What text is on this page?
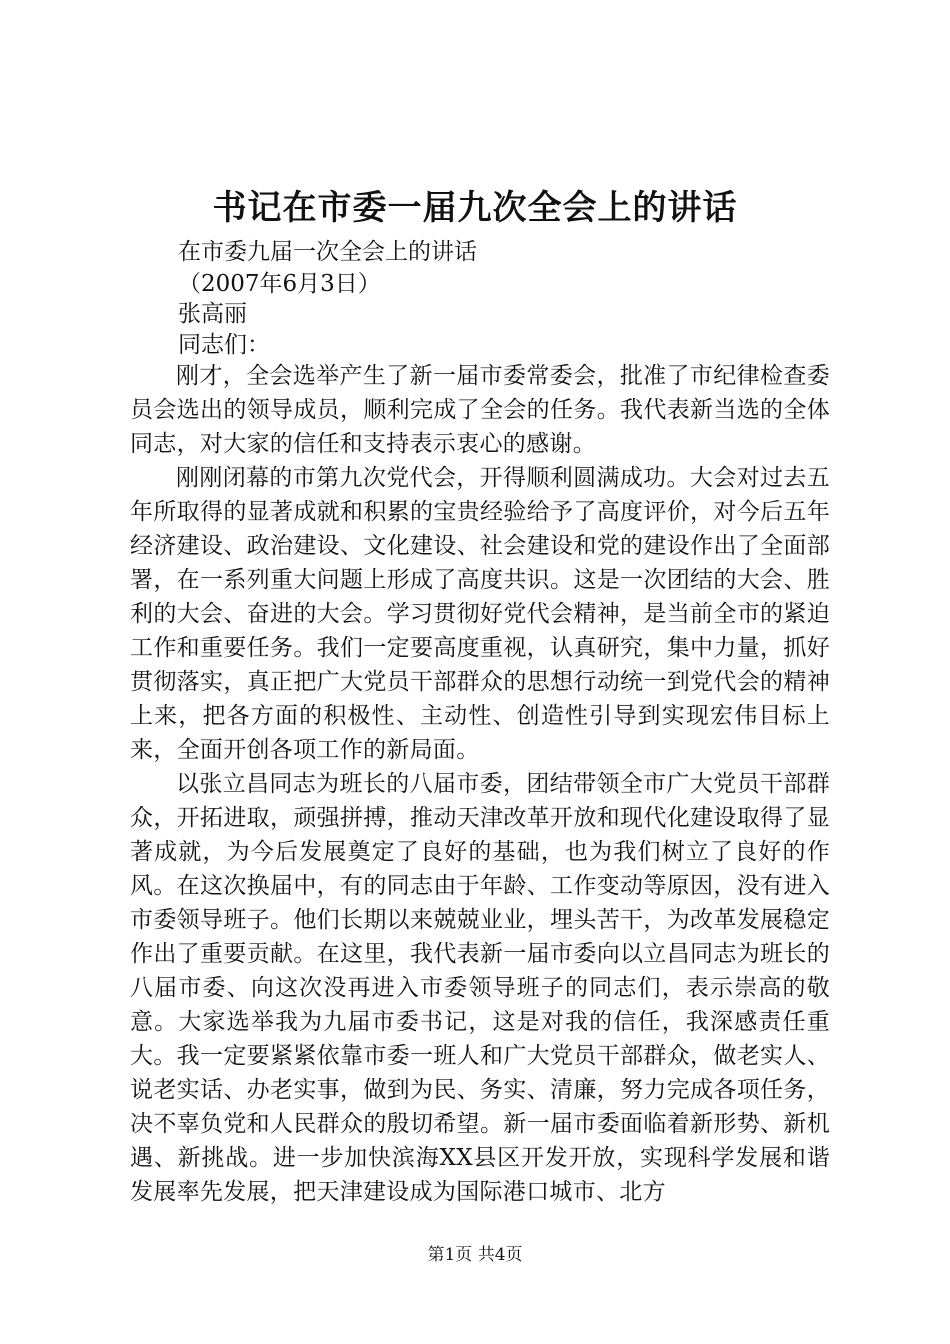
书记在市委一届九次全会上的讲话
在市委九届一次全会上的讲话
（2007年6月3日）
张高丽
同志们：

刚才，全会选举产生了新一届市委常委会，批准了市纪律检查委员会选出的领导成员，顺利完成了全会的任务。我代表新当选的全体同志，对大家的信任和支持表示衷心的感谢。

刚刚闭幕的市第九次党代会，开得顺利圆满成功。大会对过去五年所取得的显著成就和积累的宝贵经验给予了高度评价，对今后五年经济建设、政治建设、文化建设、社会建设和党的建设作出了全面部署，在一系列重大问题上形成了高度共识。这是一次团结的大会、胜利的大会、奋进的大会。学习贯彻好党代会精神，是当前全市的紧迫工作和重要任务。我们一定要高度重视，认真研究，集中力量，抓好贯彻落实，真正把广大党员干部群众的思想行动统一到党代会的精神上来，把各方面的积极性、主动性、创造性引导到实现宏伟目标上来，全面开创各项工作的新局面。

以张立昌同志为班长的八届市委，团结带领全市广大党员干部群众，开拓进取，顽强拼搏，推动天津改革开放和现代化建设取得了显著成就，为今后发展奠定了良好的基础，也为我们树立了良好的作风。在这次换届中，有的同志由于年龄、工作变动等原因，没有进入市委领导班子。他们长期以来兢兢业业，埋头苦干，为改革发展稳定作出了重要贡献。在这里，我代表新一届市委向以立昌同志为班长的八届市委、向这次没再进入市委领导班子的同志们，表示崇高的敬意。大家选举我为九届市委书记，这是对我的信任，我深感责任重大。我一定要紧紧依靠市委一班人和广大党员干部群众，做老实人、说老实话、办老实事，做到为民、务实、清廉，努力完成各项任务，决不辜负党和人民群众的殷切希望。新一届市委面临着新形势、新机遇、新挑战。进一步加快滨海XX县区开发开放，实现科学发展和谐发展率先发展，把天津建设成为国际港口城市、北方

第1页 共4页
